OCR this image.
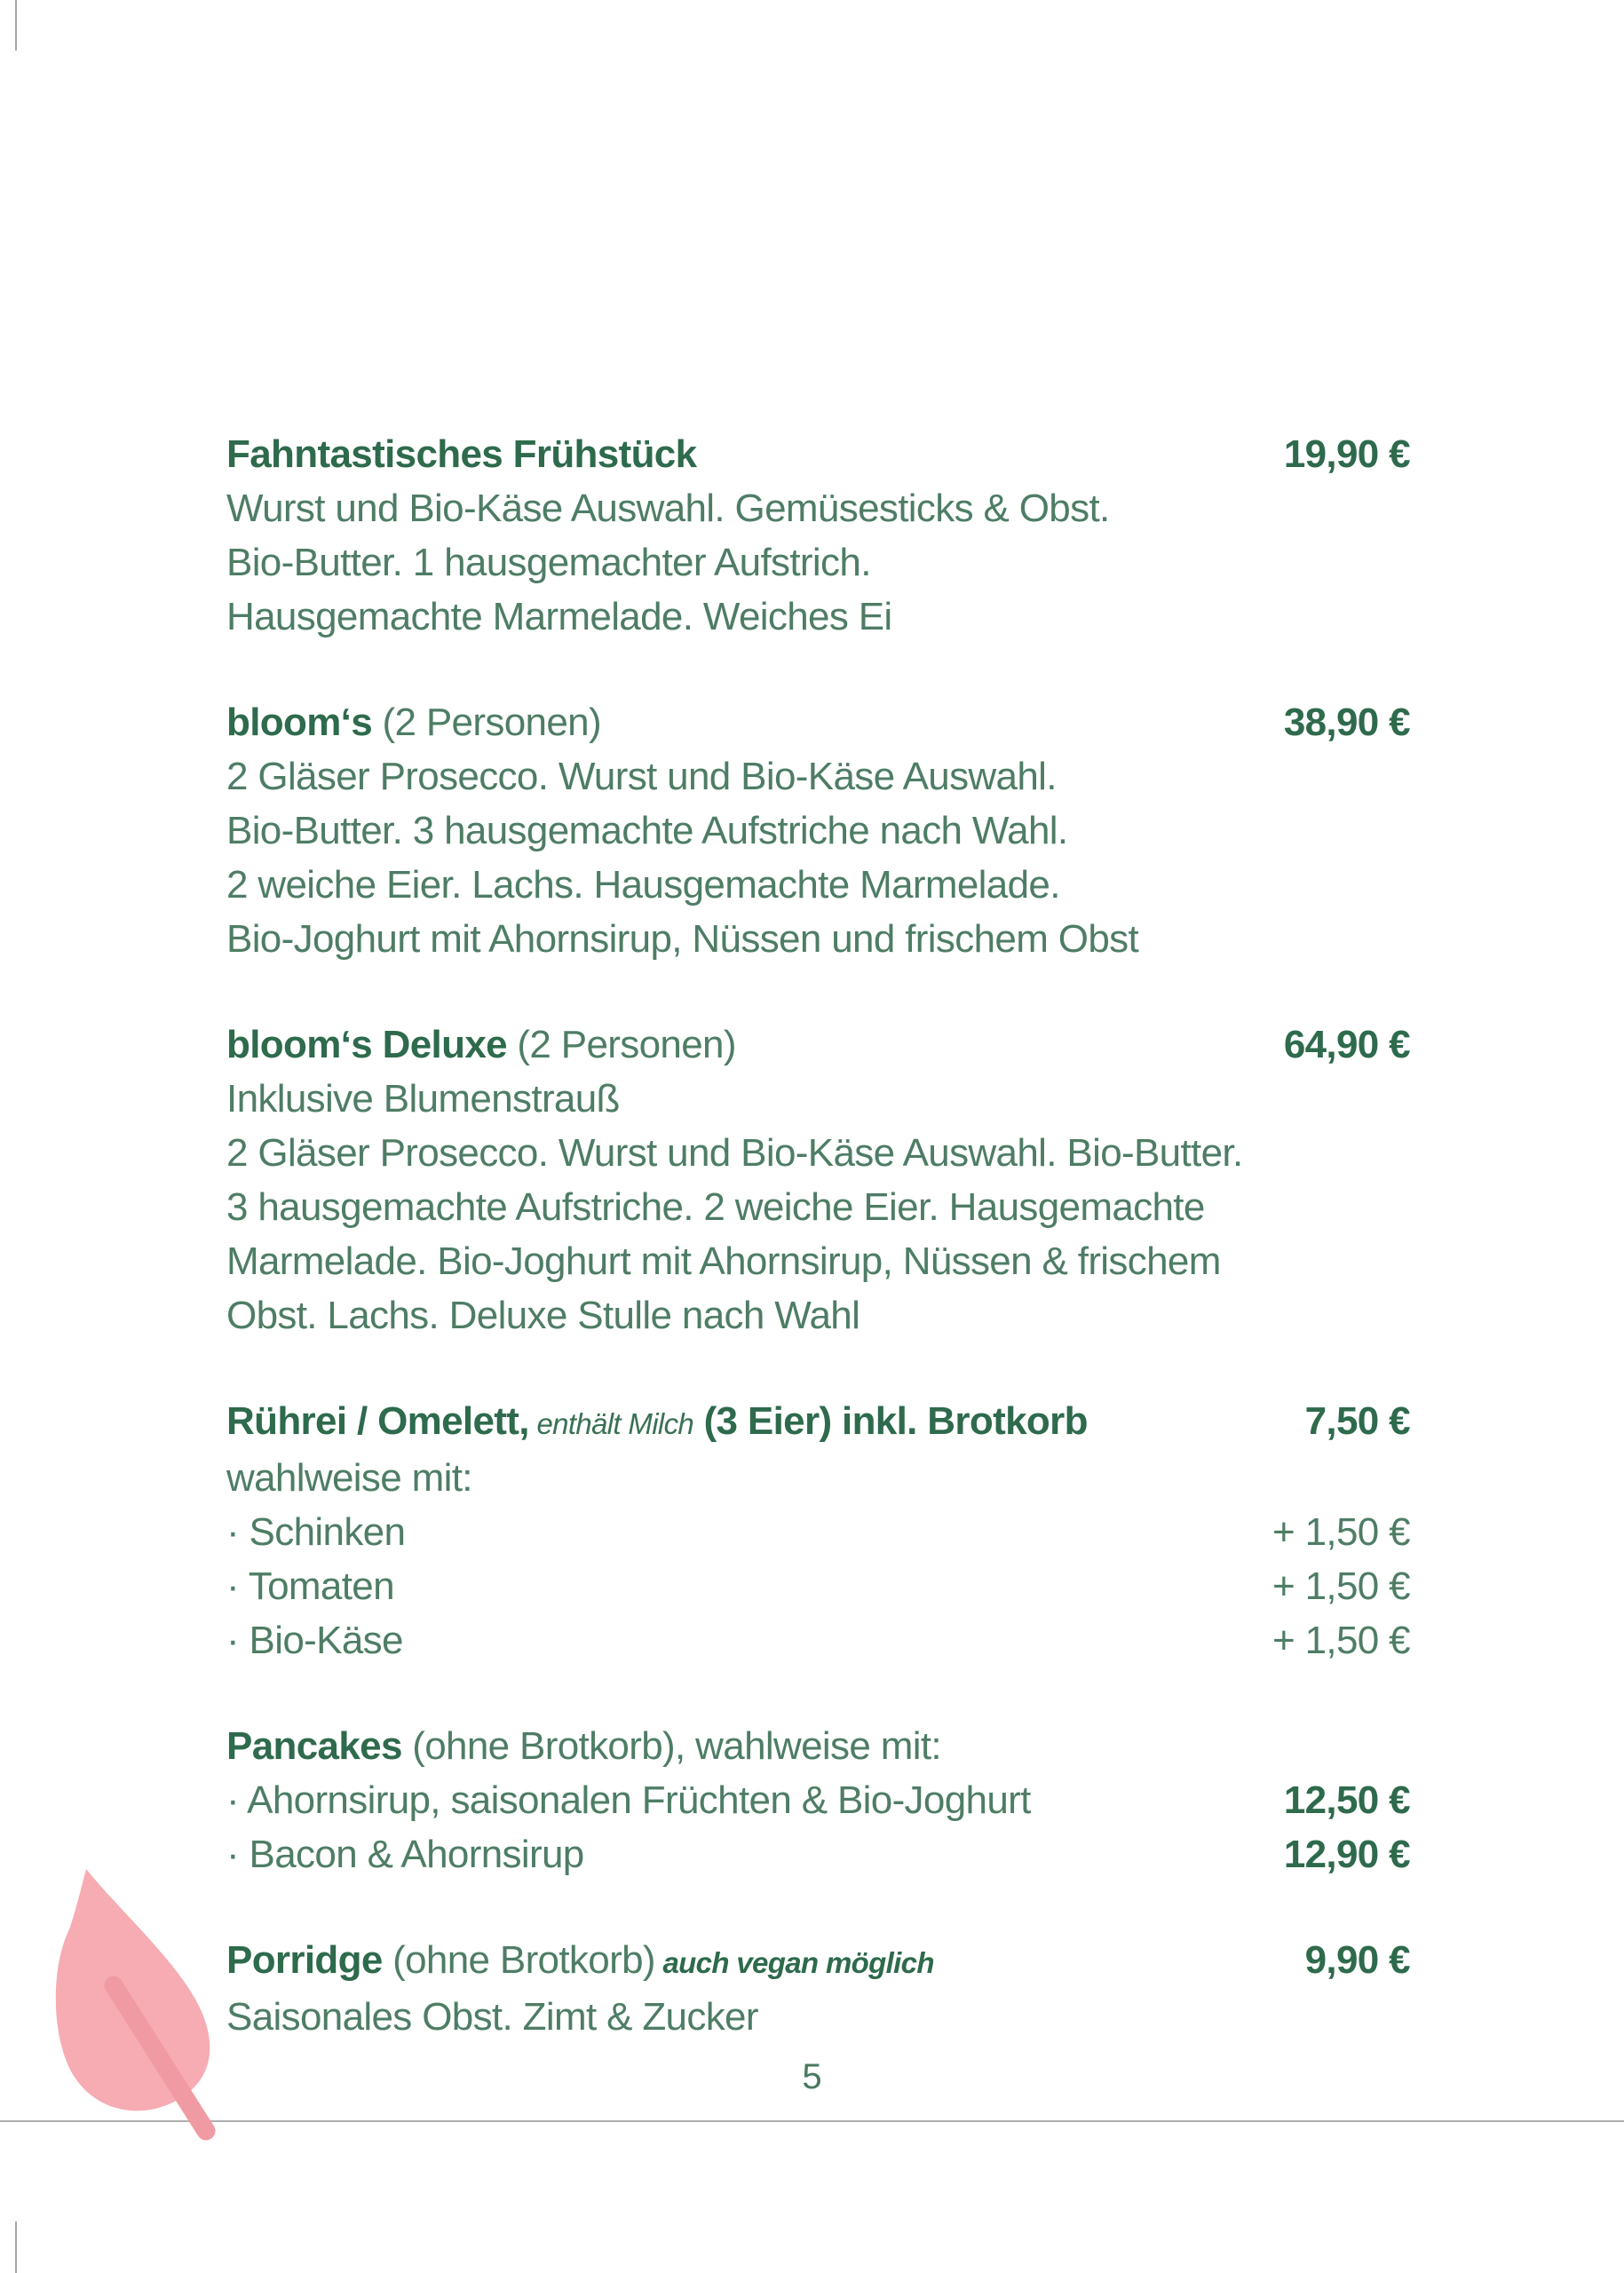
Fahntastisches Frühstück	19,90 €
Wurst und Bio-Käse Auswahl. Gemüsesticks & Obst.
Bio-Butter. 1 hausgemachter Aufstrich.
Hausgemachte Marmelade. Weiches Ei
bloom‘s (2 Personen)	38,90 €
2 Gläser Prosecco. Wurst und Bio-Käse Auswahl.
Bio-Butter. 3 hausgemachte Aufstriche nach Wahl.
2 weiche Eier. Lachs. Hausgemachte Marmelade.
Bio-Joghurt mit Ahornsirup, Nüssen und frischem Obst
bloom‘s Deluxe (2 Personen)	64,90 €
Inklusive Blumenstrauß
2 Gläser Prosecco. Wurst und Bio-Käse Auswahl. Bio-Butter.
3 hausgemachte Aufstriche. 2 weiche Eier. Hausgemachte
Marmelade. Bio-Joghurt mit Ahornsirup, Nüssen & frischem
Obst. Lachs. Deluxe Stulle nach Wahl
Rührei / Omelett, enthält Milch (3 Eier) inkl. Brotkorb	7,50 €
wahlweise mit:
· Schinken	+ 1,50 €
· Tomaten	+ 1,50 €
· Bio-Käse	+ 1,50 €
Pancakes (ohne Brotkorb), wahlweise mit:
· Ahornsirup, saisonalen Früchten & Bio-Joghurt	12,50 €
· Bacon & Ahornsirup	12,90 €
Porridge (ohne Brotkorb) auch vegan möglich	9,90 €
Saisonales Obst. Zimt & Zucker
5
